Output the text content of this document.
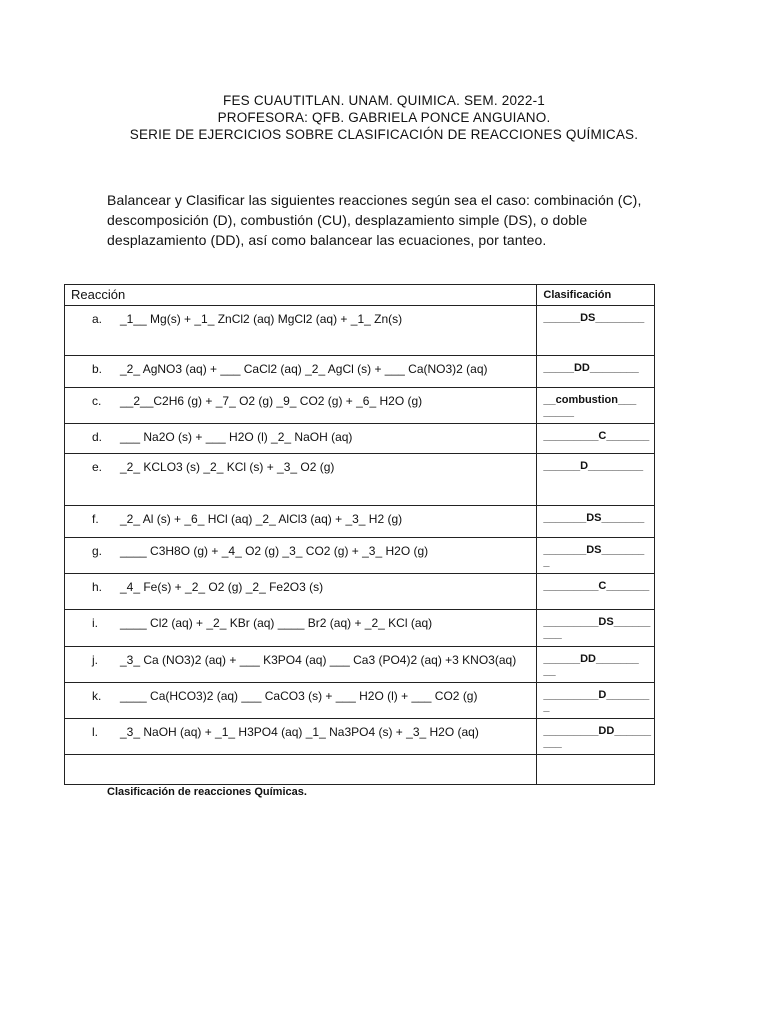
FES CUAUTITLAN. UNAM. QUIMICA. SEM. 2022-1
PROFESORA: QFB. GABRIELA PONCE ANGUIANO.
SERIE DE EJERCICIOS SOBRE CLASIFICACIÓN DE REACCIONES QUÍMICAS.
Balancear y Clasificar las siguientes reacciones según sea el caso: combinación (C), descomposición (D), combustión (CU), desplazamiento simple (DS), o doble desplazamiento (DD), así como balancear las ecuaciones, por tanteo.
Reacción	Clasificación

a. _1__ Mg(s) + _1_ ZnCl2 (aq) MgCl2 (aq) + _1_ Zn(s)	______DS________

b. _2_ AgNO3 (aq) + ___ CaCl2 (aq) _2_ AgCl (s) + ___ Ca(NO3)2 (aq)	_____DD________

c. __2__C2H6 (g) + _7_ O2 (g) _9_ CO2 (g) + _6_ H2O (g)	__combustion___ _____

d. ___ Na2O (s) + ___ H2O (l) _2_ NaOH (aq)	_________C_______

e. _2_ KCLO3 (s) _2_ KCl (s) + _3_ O2 (g)	______D_________

f. _2_ Al (s) + _6_ HCl (aq) _2_ AlCl3 (aq) + _3_ H2 (g)	_______DS_______

g. ____ C3H8O (g) + _4_ O2 (g) _3_ CO2 (g) + _3_ H2O (g)	_______DS_______ _

h. _4_ Fe(s) + _2_ O2 (g) _2_ Fe2O3 (s)	_________C_______

i. ____ Cl2 (aq) + _2_ KBr (aq) ____ Br2 (aq) + _2_ KCl (aq)	_________DS______ ___

j. _3_ Ca (NO3)2 (aq) + ___ K3PO4 (aq) ___ Ca3 (PO4)2 (aq) +3 KNO3(aq)	______DD_______ __

k. ____ Ca(HCO3)2 (aq) ___ CaCO3 (s) + ___ H2O (l) + ___ CO2 (g)	_________D_______ _

l. _3_ NaOH (aq) + _1_ H3PO4 (aq) _1_ Na3PO4 (s) + _3_ H2O (aq)	_________DD______ ___

Clasificación de reacciones Químicas.
